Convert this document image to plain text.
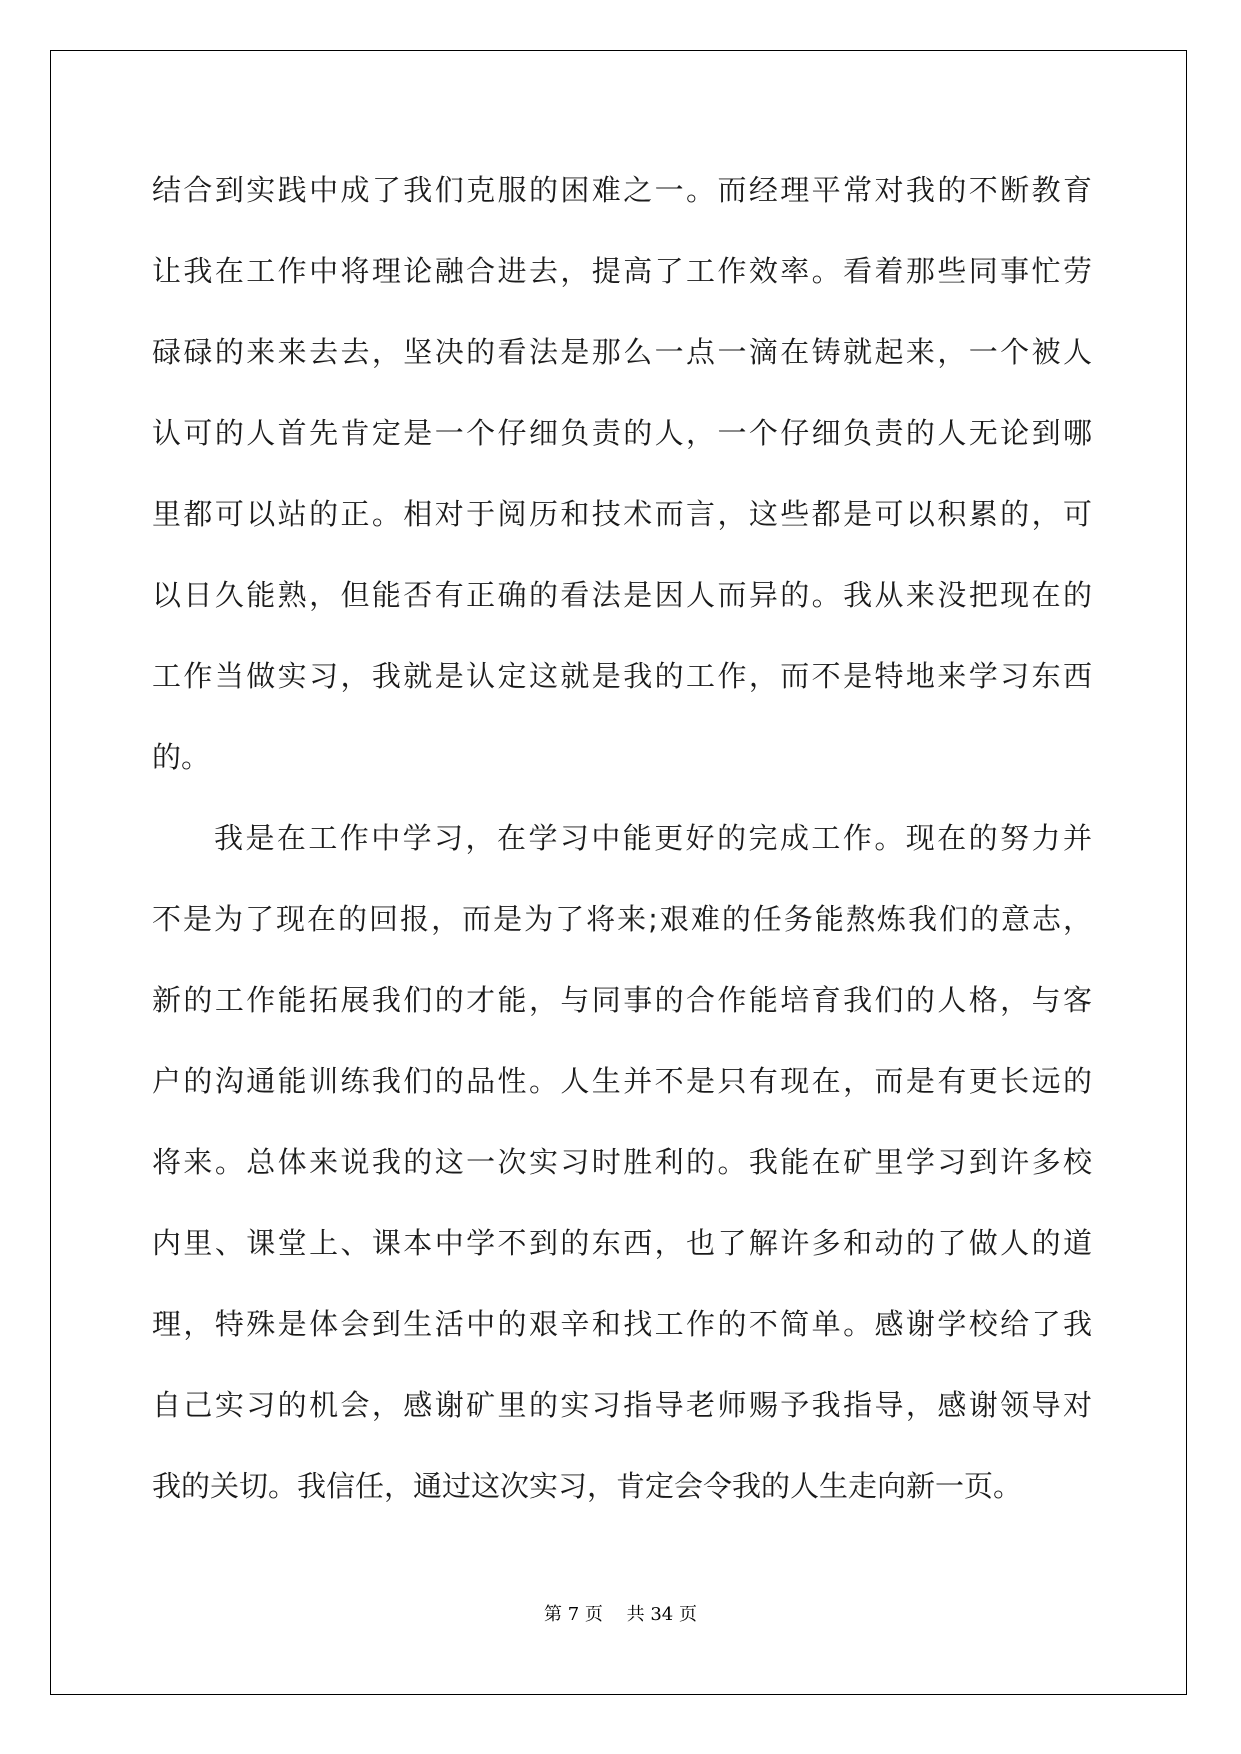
结合到实践中成了我们克服的困难之一。而经理平常对我的不断教育
让我在工作中将理论融合进去，提高了工作效率。看着那些同事忙劳
碌碌的来来去去，坚决的看法是那么一点一滴在铸就起来，一个被人
认可的人首先肯定是一个仔细负责的人，一个仔细负责的人无论到哪
里都可以站的正。相对于阅历和技术而言，这些都是可以积累的，可
以日久能熟，但能否有正确的看法是因人而异的。我从来没把现在的
工作当做实习，我就是认定这就是我的工作，而不是特地来学习东西
的。
我是在工作中学习，在学习中能更好的完成工作。现在的努力并
不是为了现在的回报，而是为了将来;艰难的任务能熬炼我们的意志，
新的工作能拓展我们的才能，与同事的合作能培育我们的人格，与客
户的沟通能训练我们的品性。人生并不是只有现在，而是有更长远的
将来。总体来说我的这一次实习时胜利的。我能在矿里学习到许多校
内里、课堂上、课本中学不到的东西，也了解许多和动的了做人的道
理，特殊是体会到生活中的艰辛和找工作的不简单。感谢学校给了我
自己实习的机会，感谢矿里的实习指导老师赐予我指导，感谢领导对
我的关切。我信任，通过这次实习，肯定会令我的人生走向新一页。
第 7 页　 共 34 页
